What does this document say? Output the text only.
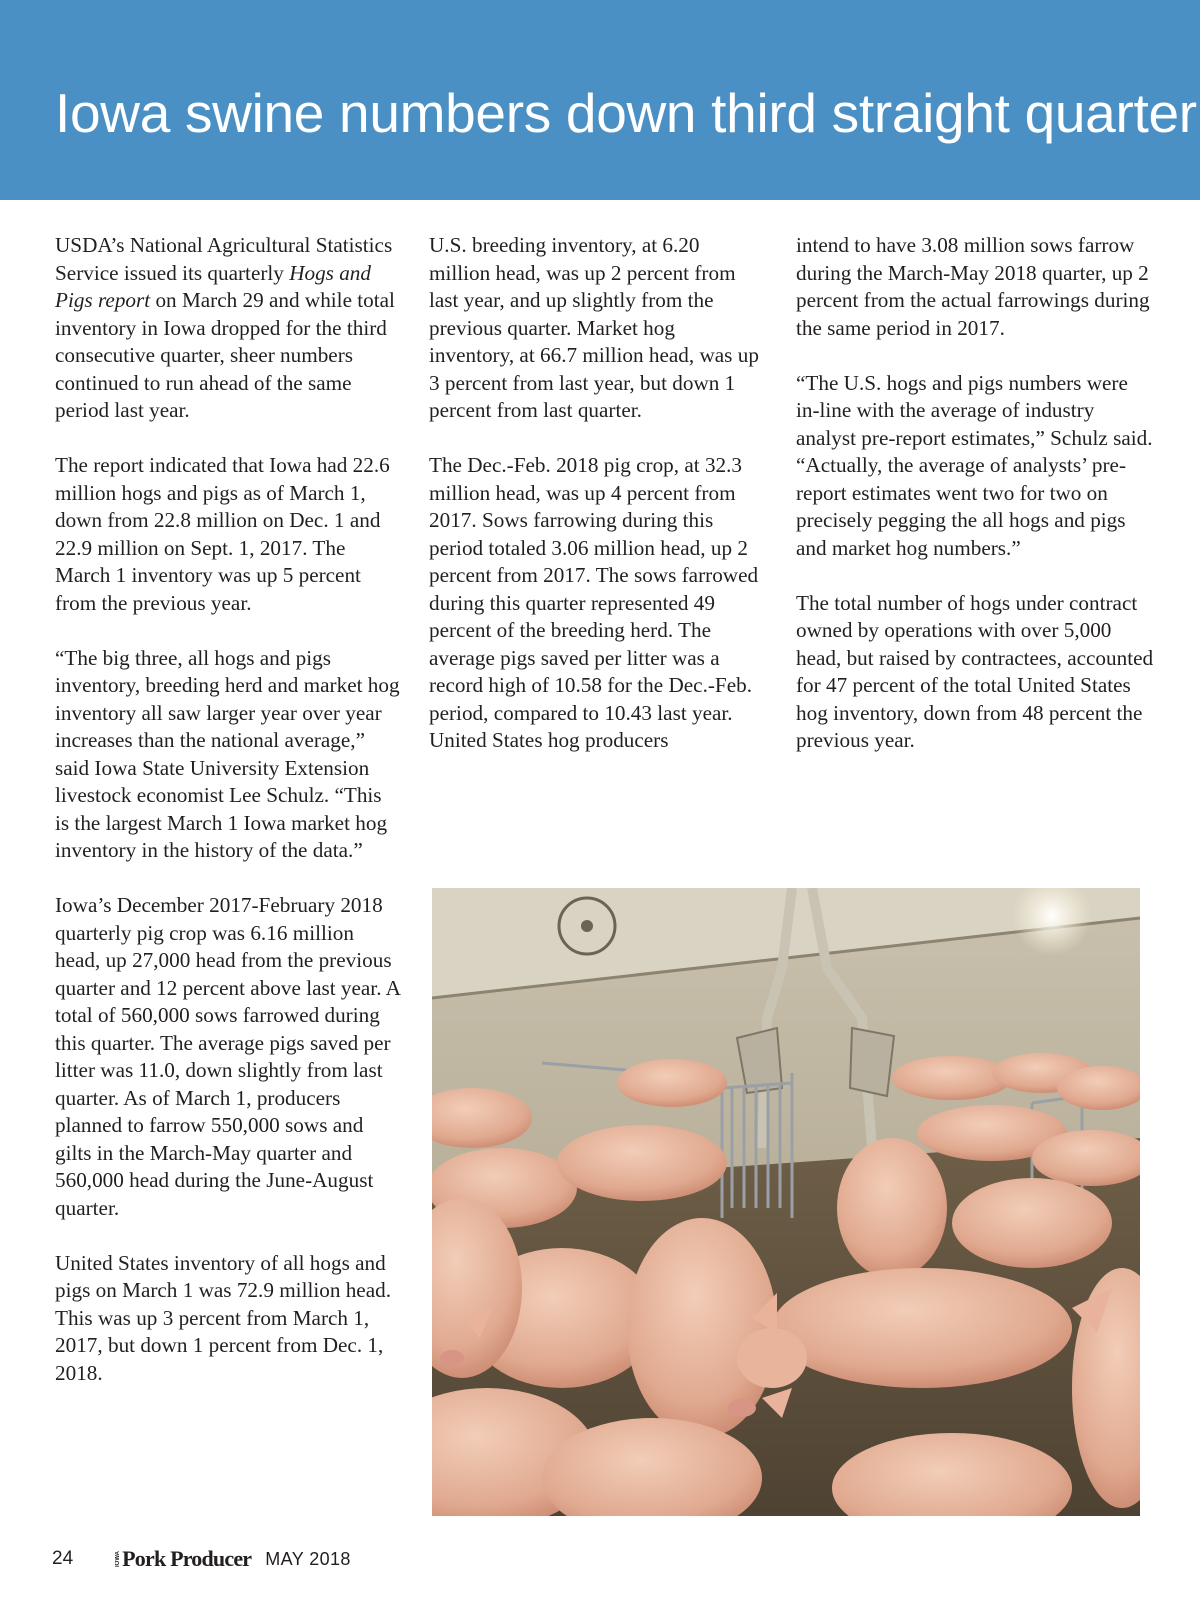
Iowa swine numbers down third straight quarter

USDA’s National Agricultural Statistics Service issued its quarterly Hogs and Pigs report on March 29 and while total inventory in Iowa dropped for the third consecutive quarter, sheer numbers continued to run ahead of the same period last year.

The report indicated that Iowa had 22.6 million hogs and pigs as of March 1, down from 22.8 million on Dec. 1 and 22.9 million on Sept. 1, 2017. The March 1 inventory was up 5 percent from the previous year.

“The big three, all hogs and pigs inventory, breeding herd and market hog inventory all saw larger year over year increases than the national average,” said Iowa State University Extension livestock economist Lee Schulz. “This is the largest March 1 Iowa market hog inventory in the history of the data.”

Iowa’s December 2017-February 2018 quarterly pig crop was 6.16 million head, up 27,000 head from the previous quarter and 12 percent above last year. A total of 560,000 sows farrowed during this quarter. The average pigs saved per litter was 11.0, down slightly from last quarter. As of March 1, producers planned to farrow 550,000 sows and gilts in the March-May quarter and 560,000 head during the June-August quarter.

United States inventory of all hogs and pigs on March 1 was 72.9 million head. This was up 3 percent from March 1, 2017, but down 1 percent from Dec. 1, 2018.

U.S. breeding inventory, at 6.20 million head, was up 2 percent from last year, and up slightly from the previous quarter. Market hog inventory, at 66.7 million head, was up 3 percent from last year, but down 1 percent from last quarter.

The Dec.-Feb. 2018 pig crop, at 32.3 million head, was up 4 percent from 2017. Sows farrowing during this period totaled 3.06 million head, up 2 percent from 2017. The sows farrowed during this quarter represented 49 percent of the breeding herd. The average pigs saved per litter was a record high of 10.58 for the Dec.-Feb. period, compared to 10.43 last year. United States hog producers

intend to have 3.08 million sows farrow during the March-May 2018 quarter, up 2 percent from the actual farrowings during the same period in 2017.

“The U.S. hogs and pigs numbers were in-line with the average of industry analyst pre-report estimates,” Schulz said. “Actually, the average of analysts’ pre-report estimates went two for two on precisely pegging the all hogs and pigs and market hog numbers.”

The total number of hogs under contract owned by operations with over 5,000 head, but raised by contractees, accounted for 47 percent of the total United States hog inventory, down from 48 percent the previous year.

24	IOWA Pork Producer MAY 2018
